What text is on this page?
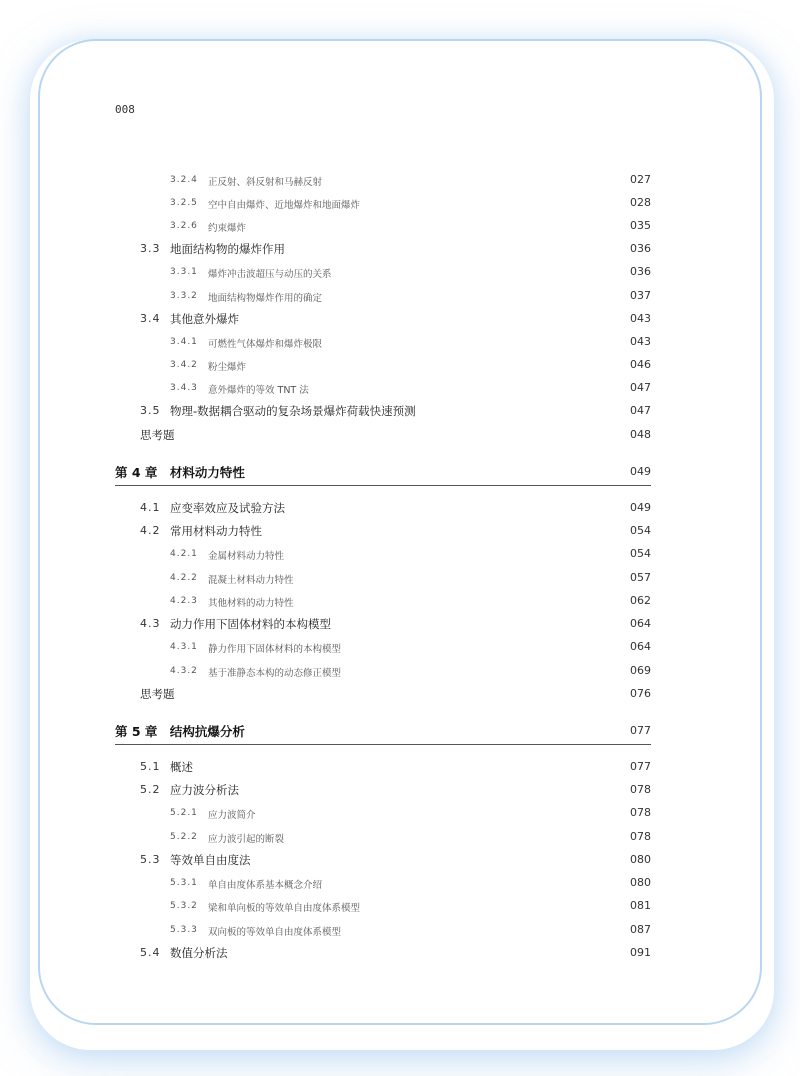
008
3.2.4 正反射、斜反射和马赫反射	027
3.2.5 空中自由爆炸、近地爆炸和地面爆炸	028
3.2.6 约束爆炸	035
3.3 地面结构物的爆炸作用	036
3.3.1 爆炸冲击波超压与动压的关系	036
3.3.2 地面结构物爆炸作用的确定	037
3.4 其他意外爆炸	043
3.4.1 可燃性气体爆炸和爆炸极限	043
3.4.2 粉尘爆炸	046
3.4.3 意外爆炸的等效 TNT 法	047
3.5 物理-数据耦合驱动的复杂场景爆炸荷载快速预测	047
思考题	048
第 4 章　材料动力特性	049
4.1 应变率效应及试验方法	049
4.2 常用材料动力特性	054
4.2.1 金属材料动力特性	054
4.2.2 混凝土材料动力特性	057
4.2.3 其他材料的动力特性	062
4.3 动力作用下固体材料的本构模型	064
4.3.1 静力作用下固体材料的本构模型	064
4.3.2 基于准静态本构的动态修正模型	069
思考题	076
第 5 章　结构抗爆分析	077
5.1 概述	077
5.2 应力波分析法	078
5.2.1 应力波简介	078
5.2.2 应力波引起的断裂	078
5.3 等效单自由度法	080
5.3.1 单自由度体系基本概念介绍	080
5.3.2 梁和单向板的等效单自由度体系模型	081
5.3.3 双向板的等效单自由度体系模型	087
5.4 数值分析法	091
